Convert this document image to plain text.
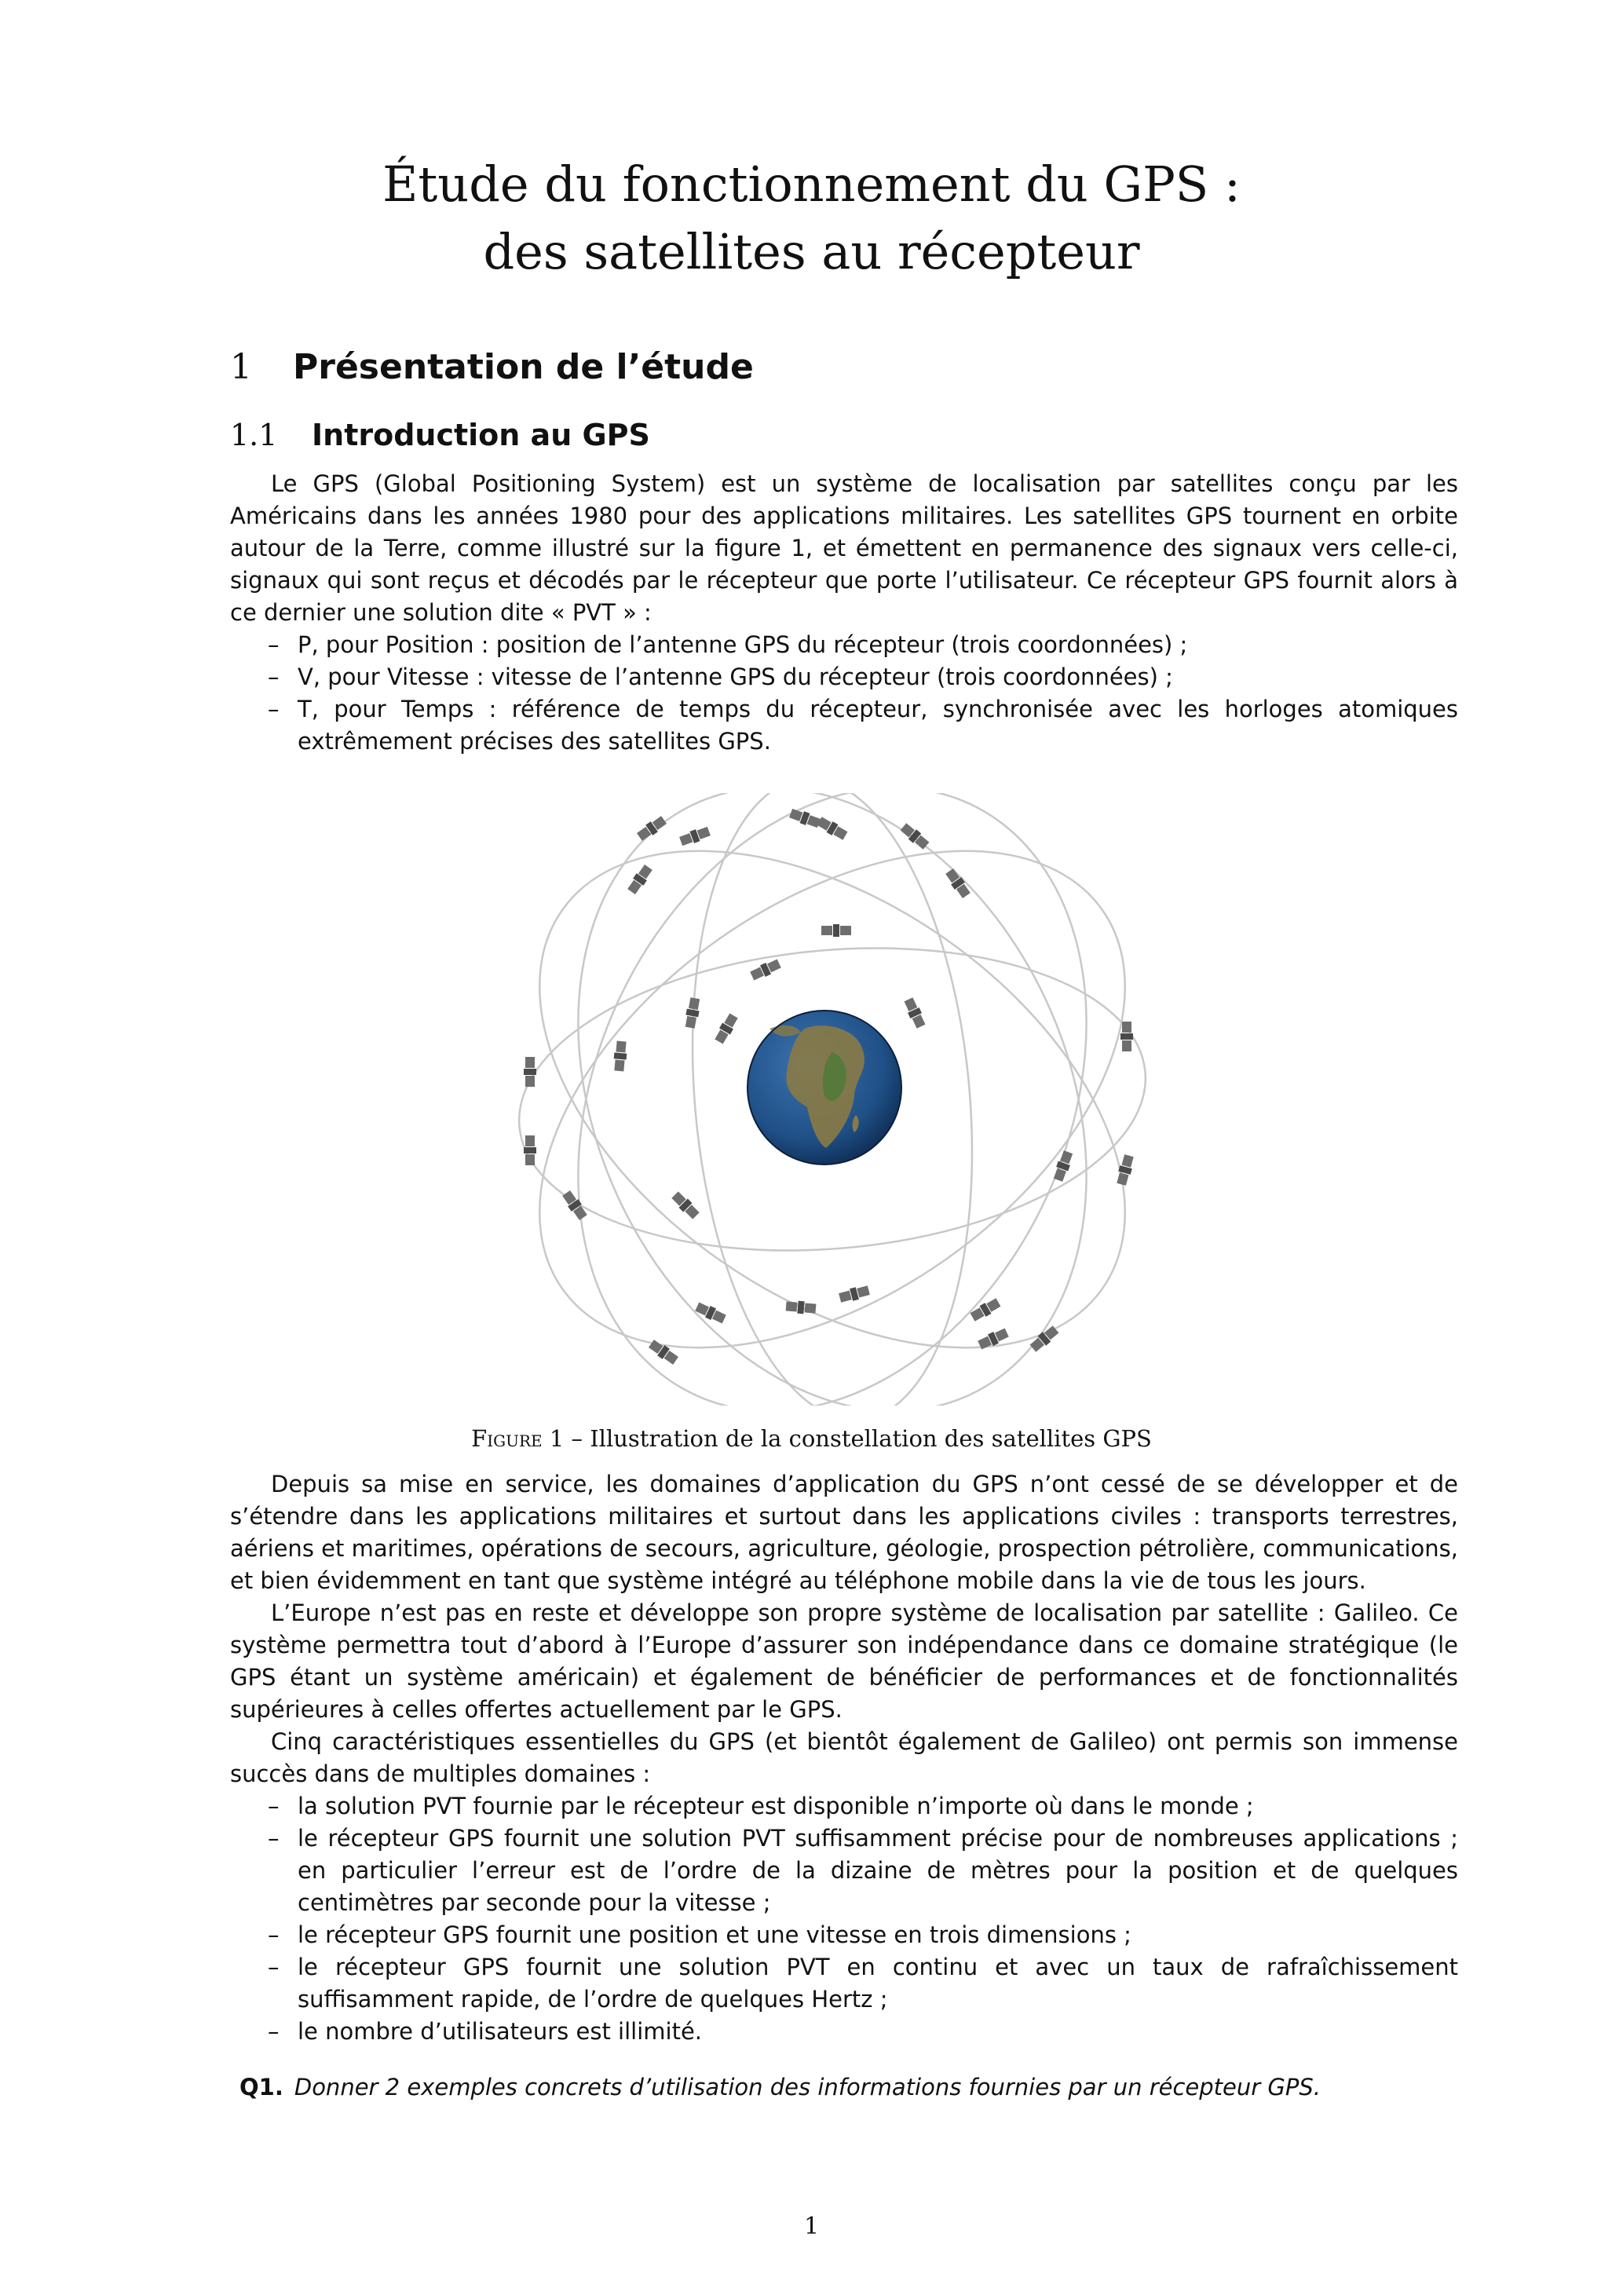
Étude du fonctionnement du GPS :
des satellites au récepteur
1 Présentation de l’étude
1.1 Introduction au GPS

Le GPS (Global Positioning System) est un système de localisation par satellites conçu par les Américains dans les années 1980 pour des applications militaires. Les satellites GPS tournent en orbite autour de la Terre, comme illustré sur la figure 1, et émettent en permanence des signaux vers celle-ci, signaux qui sont reçus et décodés par le récepteur que porte l’utilisateur. Ce récepteur GPS fournit alors à ce dernier une solution dite « PVT » :

– P, pour Position : position de l’antenne GPS du récepteur (trois coordonnées) ;
– V, pour Vitesse : vitesse de l’antenne GPS du récepteur (trois coordonnées) ;
– T, pour Temps : référence de temps du récepteur, synchronisée avec les horloges atomiques extrêmement précises des satellites GPS.
Figure 1 – Illustration de la constellation des satellites GPS

Depuis sa mise en service, les domaines d’application du GPS n’ont cessé de se développer et de s’étendre dans les applications militaires et surtout dans les applications civiles : transports terrestres, aériens et maritimes, opérations de secours, agriculture, géologie, prospection pétrolière, communications, et bien évidemment en tant que système intégré au téléphone mobile dans la vie de tous les jours.

L’Europe n’est pas en reste et développe son propre système de localisation par satellite : Galileo. Ce système permettra tout d’abord à l’Europe d’assurer son indépendance dans ce domaine stratégique (le GPS étant un système américain) et également de bénéficier de performances et de fonctionnalités supérieures à celles offertes actuellement par le GPS.

Cinq caractéristiques essentielles du GPS (et bientôt également de Galileo) ont permis son immense succès dans de multiples domaines :

– la solution PVT fournie par le récepteur est disponible n’importe où dans le monde ;
– le récepteur GPS fournit une solution PVT suffisamment précise pour de nombreuses applications ; en particulier l’erreur est de l’ordre de la dizaine de mètres pour la position et de quelques centimètres par seconde pour la vitesse ;
– le récepteur GPS fournit une position et une vitesse en trois dimensions ;
– le récepteur GPS fournit une solution PVT en continu et avec un taux de rafraîchissement suffisamment rapide, de l’ordre de quelques Hertz ;
– le nombre d’utilisateurs est illimité.
Q1. Donner 2 exemples concrets d’utilisation des informations fournies par un récepteur GPS.
1
